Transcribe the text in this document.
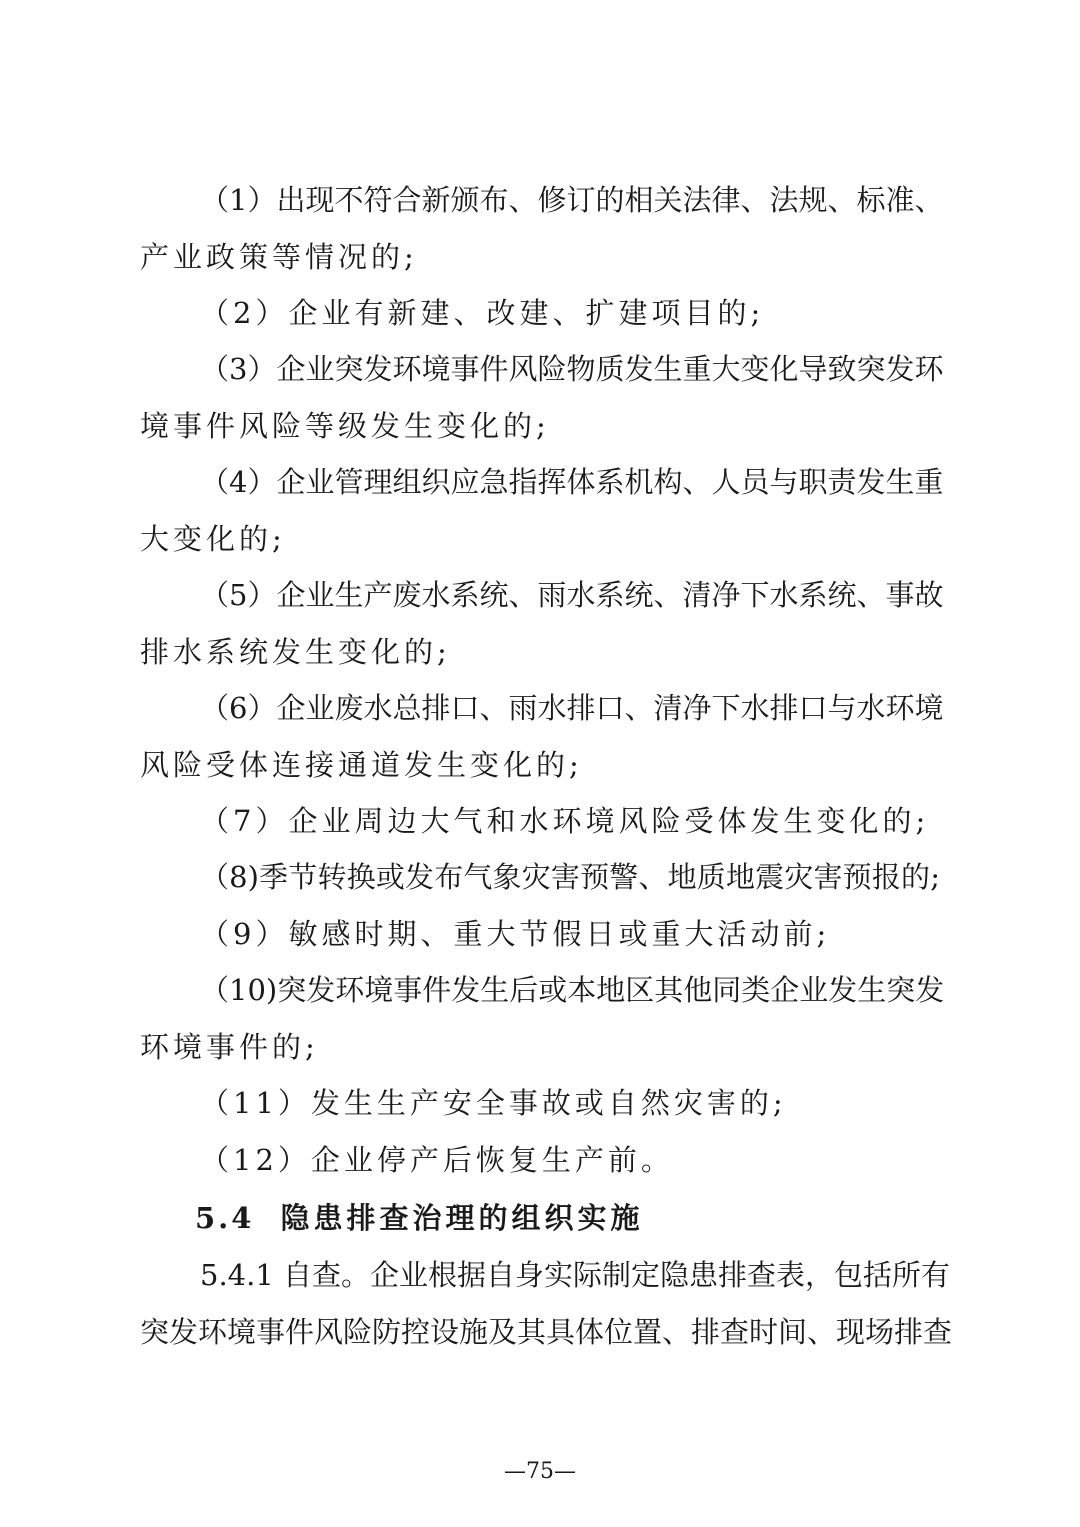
（1）出现不符合新颁布、修订的相关法律、法规、标准、
产业政策等情况的;
（2）企业有新建、改建、扩建项目的;
（3）企业突发环境事件风险物质发生重大变化导致突发环
境事件风险等级发生变化的;
（4）企业管理组织应急指挥体系机构、人员与职责发生重
大变化的;
（5）企业生产废水系统、雨水系统、清净下水系统、事故
排水系统发生变化的;
（6）企业废水总排口、雨水排口、清净下水排口与水环境
风险受体连接通道发生变化的;
（7）企业周边大气和水环境风险受体发生变化的;
（8)季节转换或发布气象灾害预警、地质地震灾害预报的;
（9）敏感时期、重大节假日或重大活动前;
（10)突发环境事件发生后或本地区其他同类企业发生突发
环境事件的;
（11）发生生产安全事故或自然灾害的;
（12）企业停产后恢复生产前。
5.4 隐患排查治理的组织实施
5.4.1 自查。企业根据自身实际制定隐患排查表，包括所有
突发环境事件风险防控设施及其具体位置、排查时间、现场排查
—75—
